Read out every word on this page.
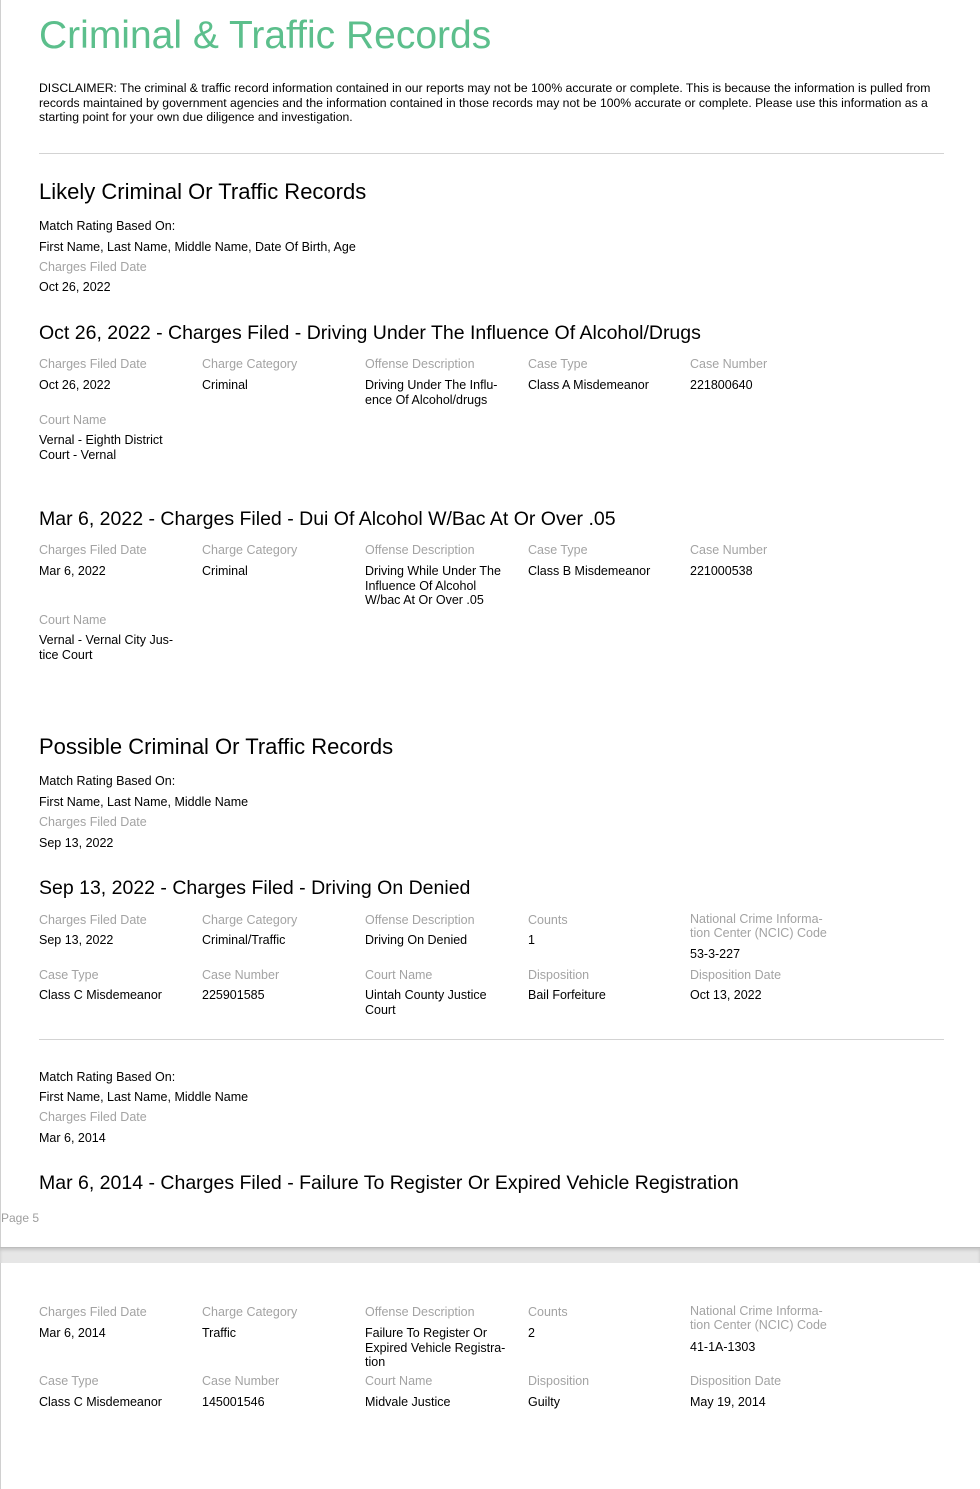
Criminal & Traffic Records
DISCLAIMER: The criminal & traffic record information contained in our reports may not be 100% accurate or complete. This is because the information is pulled from records maintained by government agencies and the information contained in those records may not be 100% accurate or complete. Please use this information as a starting point for your own due diligence and investigation.
Likely Criminal Or Traffic Records
Match Rating Based On:
First Name, Last Name, Middle Name, Date Of Birth, Age
Charges Filed Date
Oct 26, 2022
Oct 26, 2022 - Charges Filed - Driving Under The Influence Of Alcohol/Drugs
Charges Filed Date
Oct 26, 2022
Charge Category
Criminal
Offense Description
Driving Under The Influ-
ence Of Alcohol/drugs
Case Type
Class A Misdemeanor
Case Number
221800640
Court Name
Vernal - Eighth District
Court - Vernal
Mar 6, 2022 - Charges Filed - Dui Of Alcohol W/Bac At Or Over .05
Charges Filed Date
Mar 6, 2022
Charge Category
Criminal
Offense Description
Driving While Under The
Influence Of Alcohol
W/bac At Or Over .05
Case Type
Class B Misdemeanor
Case Number
221000538
Court Name
Vernal - Vernal City Jus-
tice Court
Possible Criminal Or Traffic Records
Match Rating Based On:
First Name, Last Name, Middle Name
Charges Filed Date
Sep 13, 2022
Sep 13, 2022 - Charges Filed - Driving On Denied
Charges Filed Date
Sep 13, 2022
Charge Category
Criminal/Traffic
Offense Description
Driving On Denied
Counts
1
National Crime Informa-
tion Center (NCIC) Code
53-3-227
Case Type
Class C Misdemeanor
Case Number
225901585
Court Name
Uintah County Justice
Court
Disposition
Bail Forfeiture
Disposition Date
Oct 13, 2022
Match Rating Based On:
First Name, Last Name, Middle Name
Charges Filed Date
Mar 6, 2014
Mar 6, 2014 - Charges Filed - Failure To Register Or Expired Vehicle Registration
Page 5
Charges Filed Date
Mar 6, 2014
Charge Category
Traffic
Offense Description
Failure To Register Or
Expired Vehicle Registra-
tion
Counts
2
National Crime Informa-
tion Center (NCIC) Code
41-1A-1303
Case Type
Class C Misdemeanor
Case Number
145001546
Court Name
Midvale Justice
Disposition
Guilty
Disposition Date
May 19, 2014
